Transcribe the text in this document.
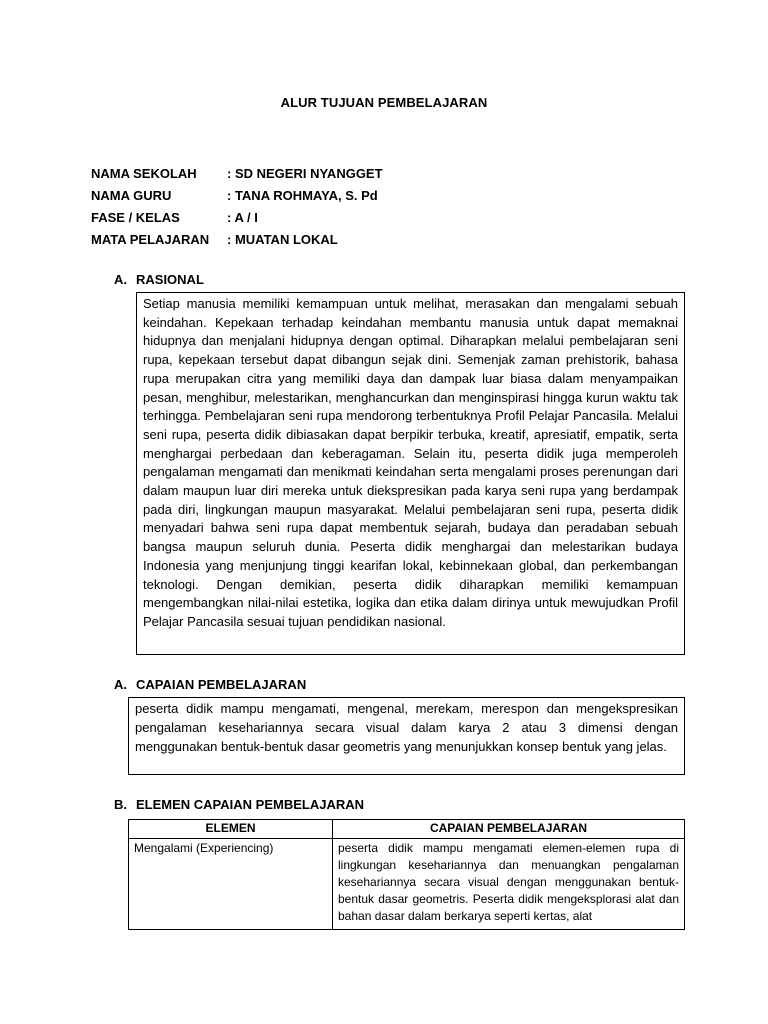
ALUR TUJUAN PEMBELAJARAN
NAMA SEKOLAH	: SD NEGERI NYANGGET
NAMA GURU	: TANA ROHMAYA, S. Pd
FASE / KELAS	: A / I
MATA PELAJARAN	: MUATAN LOKAL
A. RASIONAL
Setiap manusia memiliki kemampuan untuk melihat, merasakan dan mengalami sebuah keindahan. Kepekaan terhadap keindahan membantu manusia untuk dapat memaknai hidupnya dan menjalani hidupnya dengan optimal. Diharapkan melalui pembelajaran seni rupa, kepekaan tersebut dapat dibangun sejak dini. Semenjak zaman prehistorik, bahasa rupa merupakan citra yang memiliki daya dan dampak luar biasa dalam menyampaikan pesan, menghibur, melestarikan, menghancurkan dan menginspirasi hingga kurun waktu tak terhingga. Pembelajaran seni rupa mendorong terbentuknya Profil Pelajar Pancasila. Melalui seni rupa, peserta didik dibiasakan dapat berpikir terbuka, kreatif, apresiatif, empatik, serta menghargai perbedaan dan keberagaman. Selain itu, peserta didik juga memperoleh pengalaman mengamati dan menikmati keindahan serta mengalami proses perenungan dari dalam maupun luar diri mereka untuk diekspresikan pada karya seni rupa yang berdampak pada diri, lingkungan maupun masyarakat. Melalui pembelajaran seni rupa, peserta didik menyadari bahwa seni rupa dapat membentuk sejarah, budaya dan peradaban sebuah bangsa maupun seluruh dunia. Peserta didik menghargai dan melestarikan budaya Indonesia yang menjunjung tinggi kearifan lokal, kebinnekaan global, dan perkembangan teknologi. Dengan demikian, peserta didik diharapkan memiliki kemampuan mengembangkan nilai-nilai estetika, logika dan etika dalam dirinya untuk mewujudkan Profil Pelajar Pancasila sesuai tujuan pendidikan nasional.
A. CAPAIAN PEMBELAJARAN
peserta didik mampu mengamati, mengenal, merekam, merespon dan mengekspresikan pengalaman kesehariannya secara visual dalam karya 2 atau 3 dimensi dengan menggunakan bentuk-bentuk dasar geometris yang menunjukkan konsep bentuk yang jelas.
B. ELEMEN CAPAIAN PEMBELAJARAN
ELEMEN	CAPAIAN PEMBELAJARAN
Mengalami (Experiencing)	peserta didik mampu mengamati elemen-elemen rupa di lingkungan kesehariannya dan menuangkan pengalaman kesehariannya secara visual dengan menggunakan bentuk-bentuk dasar geometris. Peserta didik mengeksplorasi alat dan bahan dasar dalam berkarya seperti kertas, alat
